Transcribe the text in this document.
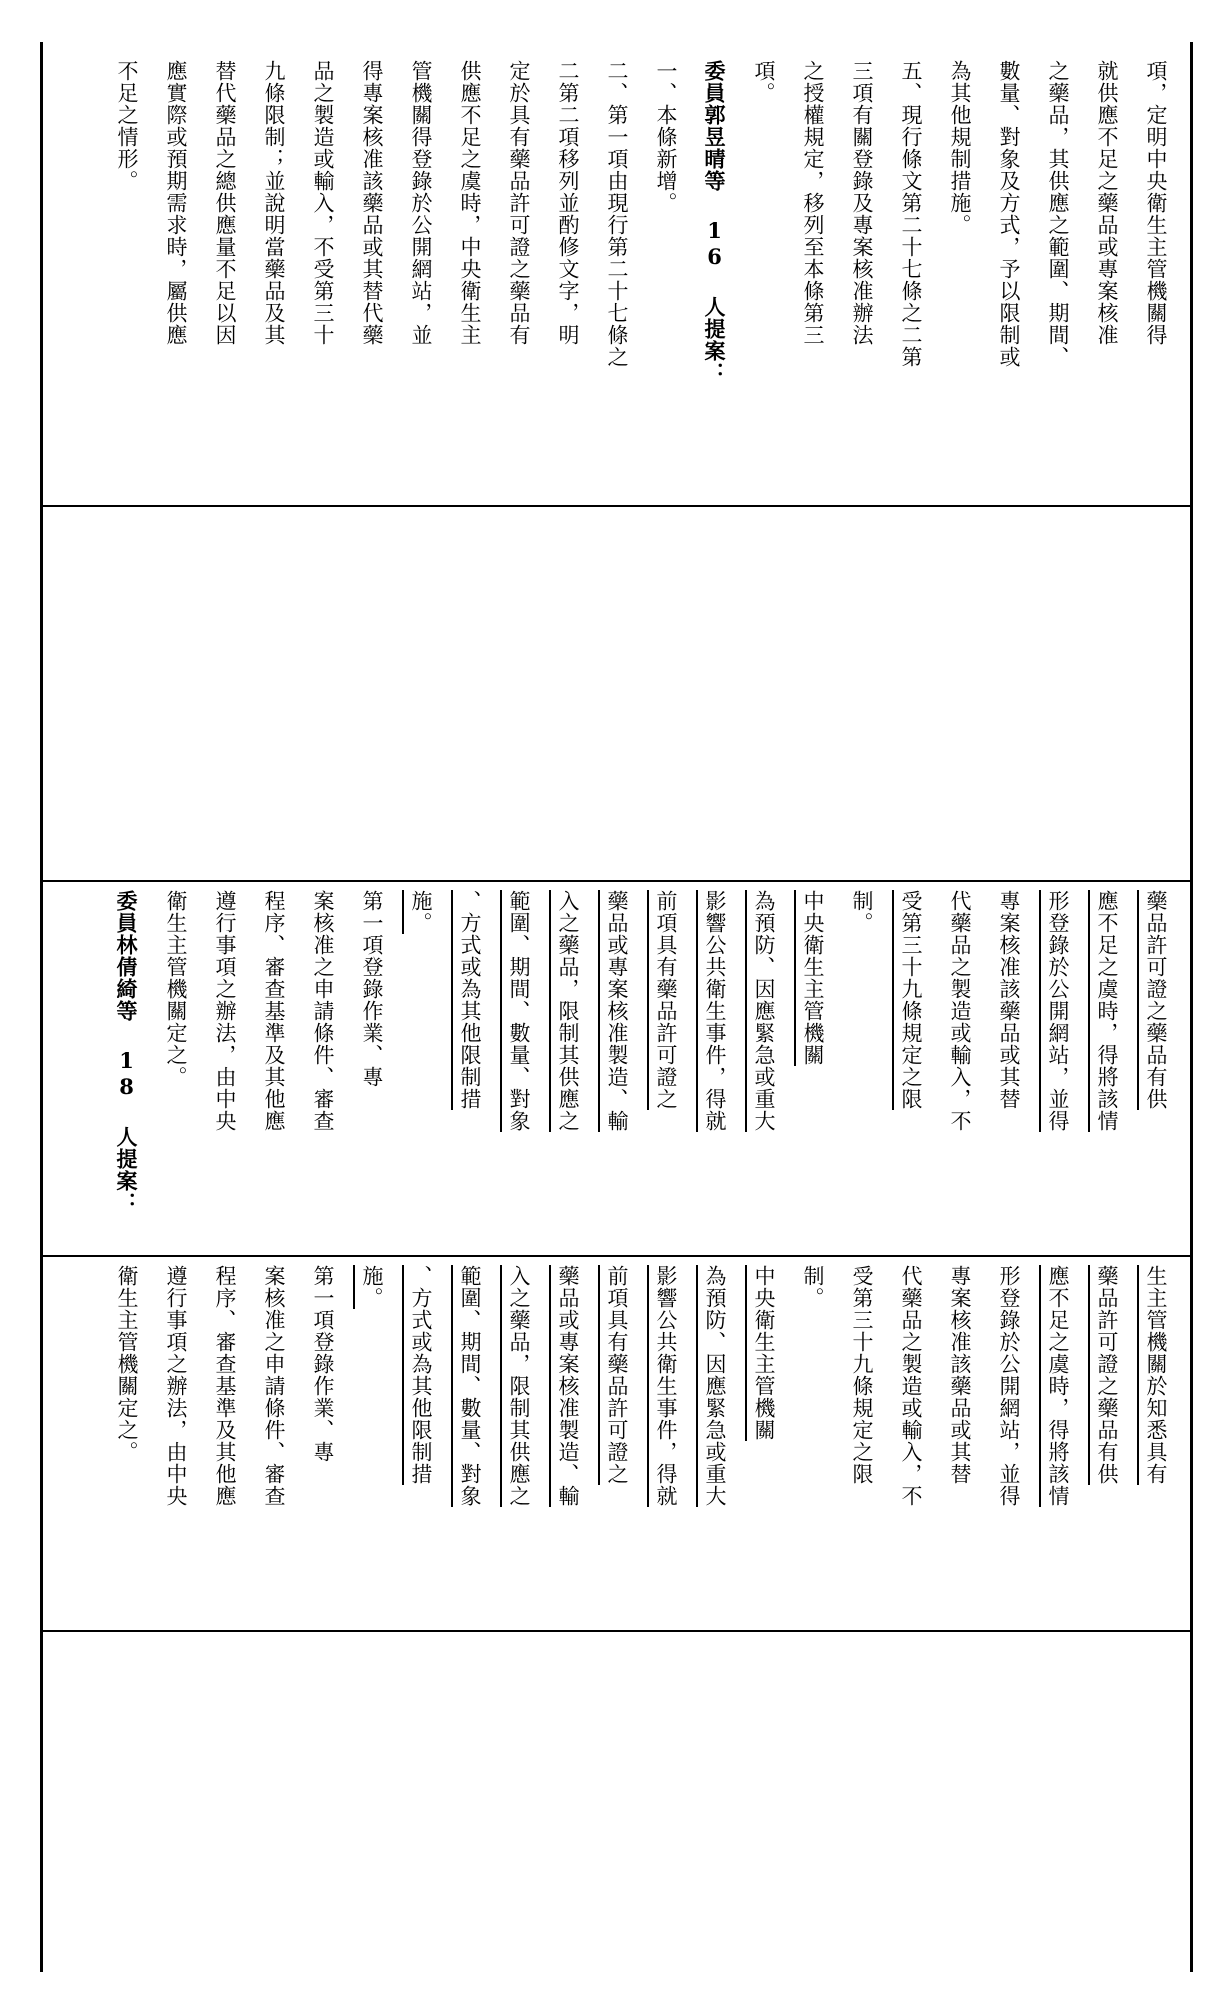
項，定明中央衛生主管機關得
就供應不足之藥品或專案核准
之藥品，其供應之範圍、期間、
數量、對象及方式，予以限制或
為其他規制措施。
五、現行條文第二十七條之二第
三項有關登錄及專案核准辦法
之授權規定，移列至本條第三
項。
委員郭昱晴等 16 人提案：
一、本條新增。
二、第一項由現行第二十七條之
二第二項移列並酌修文字，明
定於具有藥品許可證之藥品有
供應不足之虞時，中央衛生主
管機關得登錄於公開網站，並
得專案核准該藥品或其替代藥
品之製造或輸入，不受第三十
九條限制；並說明當藥品及其
替代藥品之總供應量不足以因
應實際或預期需求時，屬供應
不足之情形。
藥品許可證之藥品有供
應不足之虞時，得將該情
形登錄於公開網站，並得
專案核准該藥品或其替
代藥品之製造或輸入，不
受第三十九條規定之限
制。
中央衛生主管機關
為預防、因應緊急或重大
影響公共衛生事件，得就
前項具有藥品許可證之
藥品或專案核准製造、輸
入之藥品，限制其供應之
範圍、期間、數量、對象
、方式或為其他限制措
施。
第一項登錄作業、專
案核准之申請條件、審查
程序、審查基準及其他應
遵行事項之辦法，由中央
衛生主管機關定之。
委員林倩綺等 18 人提案：
生主管機關於知悉具有
藥品許可證之藥品有供
應不足之虞時，得將該情
形登錄於公開網站，並得
專案核准該藥品或其替
代藥品之製造或輸入，不
受第三十九條規定之限
制。
中央衛生主管機關
為預防、因應緊急或重大
影響公共衛生事件，得就
前項具有藥品許可證之
藥品或專案核准製造、輸
入之藥品，限制其供應之
範圍、期間、數量、對象
、方式或為其他限制措
施。
第一項登錄作業、專
案核准之申請條件、審查
程序、審查基準及其他應
遵行事項之辦法，由中央
衛生主管機關定之。
